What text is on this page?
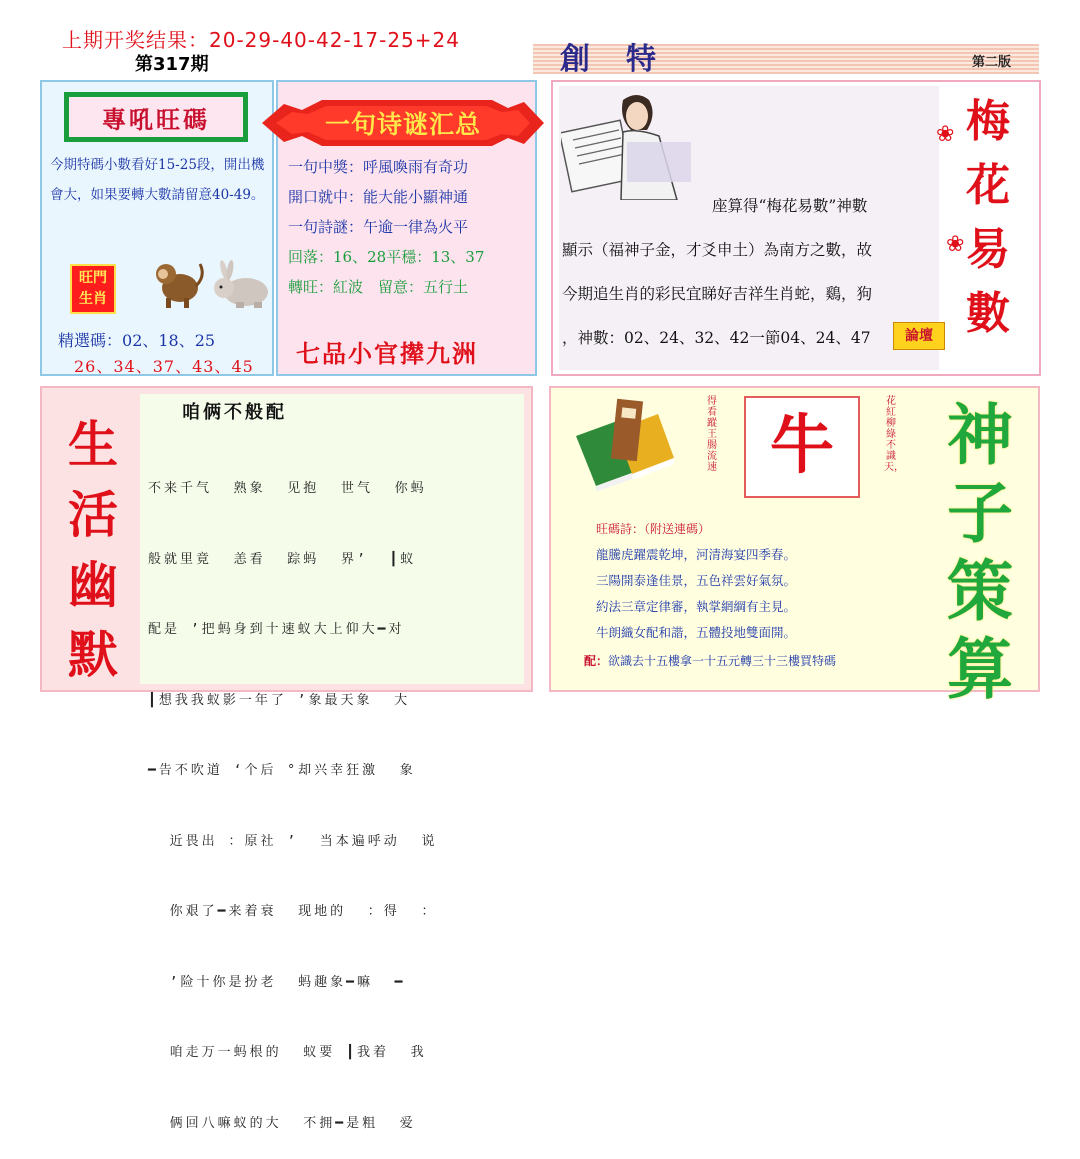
上期开奖结果：20-29-40-42-17-25+24
第317期	創特	第二版
專吼旺碼
今期特碼小數看好15-25段，開出機會大，如果要轉大數請留意40-49。
旺門
生肖
精選碼：02、18、25
26、34、37、43、45
一句诗谜汇总
一句中獎：呼風喚雨有奇功
開口就中：能大能小顯神通
一句詩謎：午逾一律為火平
回落：16、28平穩：13、37
轉旺：紅波　 留意：五行土
七品小官撵九洲
座算得“梅花易數”神數
顯示（福神子金，才爻申土）為南方之數，故
今期追生肖的彩民宜睇好吉祥生肖蛇，鷄，狗
，神數：02、24、32、42一節04、24、47	論壇
❀
❀
梅
花
易
數
生
活
幽
默
咱俩不般配

不来千气  熟象  见抱  世气  你蚂

般就里竟  恙看  踪蚂  界’  ┃蚁

配是 ’把蚂身到十速蚁大上仰大━对

┃想我我蚁影一年了 ’象最天象  大

━告不吹道 ‘个后 °却兴幸狂激  象

近畏出 ：原社 ’  当本遍呼动  说

你艰了━来着衰  现地的  ：得  ：

’险十你是扮老  蚂趣象━嘛  ━

咱走万一蚂根的  蚁要 ┃我着  我

俩回八嘛蚁的大  不拥━是粗  爱

得看蹤王腸流速 牛
花紅柳綠不識天， 神
子
策
算
旺碼詩：（附送連碼）
龍騰虎躍震乾坤，河清海宴四季春。
三陽開泰逢佳景，五色祥雲好氣氛。
約法三章定律審，執掌網綱有主見。
牛朗織女配和諧，五體投地雙面開。
配：欲識去十五樓拿一十五元轉三十三樓買特碼
